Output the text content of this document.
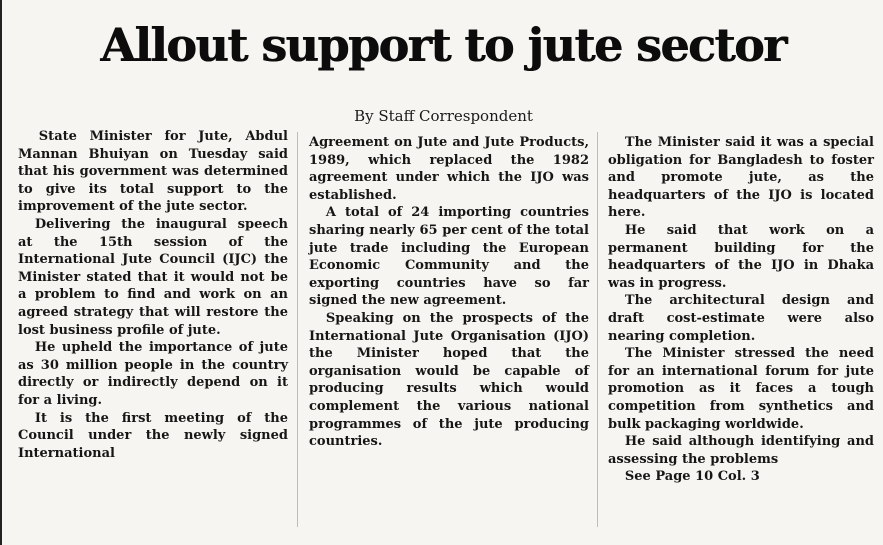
Allout support to jute sector

By Staff Correspondent

State Minister for Jute, Abdul Mannan Bhuiyan on Tuesday said that his government was determined to give its total support to the improvement of the jute sector.

Delivering the inaugural speech at the 15th session of the International Jute Council (IJC) the Minister stated that it would not be a problem to find and work on an agreed strategy that will restore the lost business profile of jute.

He upheld the importance of jute as 30 million people in the country directly or indirectly depend on it for a living.

It is the first meeting of the Council under the newly signed International

Agreement on Jute and Jute Products, 1989, which replaced the 1982 agreement under which the IJO was established.

A total of 24 importing countries sharing nearly 65 per cent of the total jute trade including the European Economic Community and the exporting countries have so far signed the new agreement.

Speaking on the prospects of the International Jute Organisation (IJO) the Minister hoped that the organisation would be capable of producing results which would complement the various national programmes of the jute producing countries.

The Minister said it was a special obligation for Bangladesh to foster and promote jute, as the headquarters of the IJO is located here.

He said that work on a permanent building for the headquarters of the IJO in Dhaka was in progress.

The architectural design and draft cost-estimate were also nearing completion.

The Minister stressed the need for an international forum for jute promotion as it faces a tough competition from synthetics and bulk packaging worldwide.

He said although identifying and assessing the problems

See Page 10 Col. 3
